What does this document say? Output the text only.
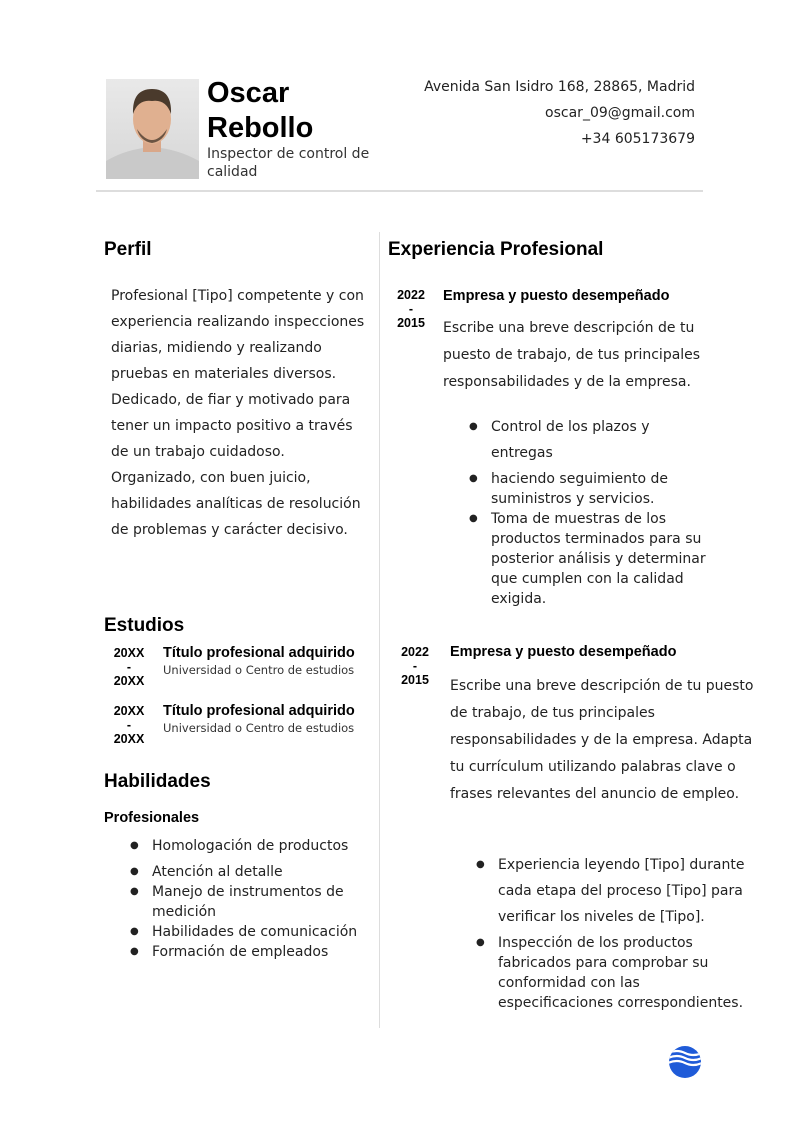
Oscar
Rebollo
Inspector de control de calidad
Avenida San Isidro 168, 28865, Madrid
oscar_09@gmail.com
+34 605173679
Perfil
Profesional [Tipo] competente y con experiencia realizando inspecciones diarias, midiendo y realizando pruebas en materiales diversos. Dedicado, de fiar y motivado para tener un impacto positivo a través de un trabajo cuidadoso. Organizado, con buen juicio, habilidades analíticas de resolución de problemas y carácter decisivo.
Estudios
20XX
-
20XX
Título profesional adquirido
Universidad o Centro de estudios
20XX
-
20XX
Título profesional adquirido
Universidad o Centro de estudios
Habilidades
Profesionales
● Homologación de productos
● Atención al detalle
● Manejo de instrumentos de medición
● Habilidades de comunicación
● Formación de empleados
Experiencia Profesional
2022
-
2015
Empresa y puesto desempeñado
Escribe una breve descripción de tu puesto de trabajo, de tus principales responsabilidades y de la empresa.
● Control de los plazos y entregas
● haciendo seguimiento de suministros y servicios.
● Toma de muestras de los productos terminados para su posterior análisis y determinar que cumplen con la calidad exigida.
2022
-
2015
Empresa y puesto desempeñado
Escribe una breve descripción de tu puesto de trabajo, de tus principales responsabilidades y de la empresa. Adapta tu currículum utilizando palabras clave o frases relevantes del anuncio de empleo.
● Experiencia leyendo [Tipo] durante cada etapa del proceso [Tipo] para verificar los niveles de [Tipo].
● Inspección de los productos fabricados para comprobar su conformidad con las especificaciones correspondientes.
